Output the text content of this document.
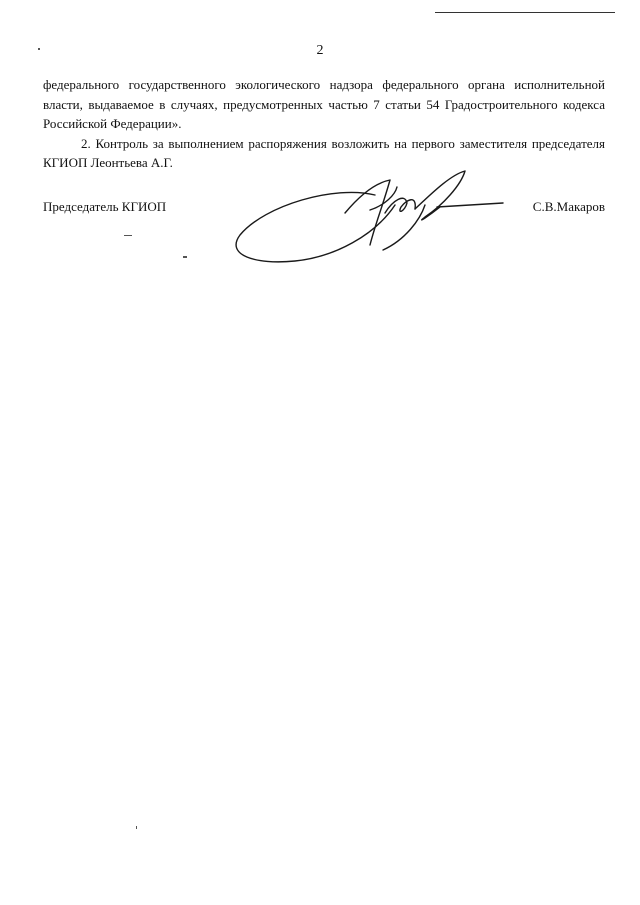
2

федерального государственного экологического надзора федерального органа исполнительной власти, выдаваемое в случаях, предусмотренных частью 7 статьи 54 Градостроительного кодекса Российской Федерации».

2. Контроль за выполнением распоряжения возложить на первого заместителя председателя КГИОП Леонтьева А.Г.

Председатель КГИОП	С.В.Макаров
